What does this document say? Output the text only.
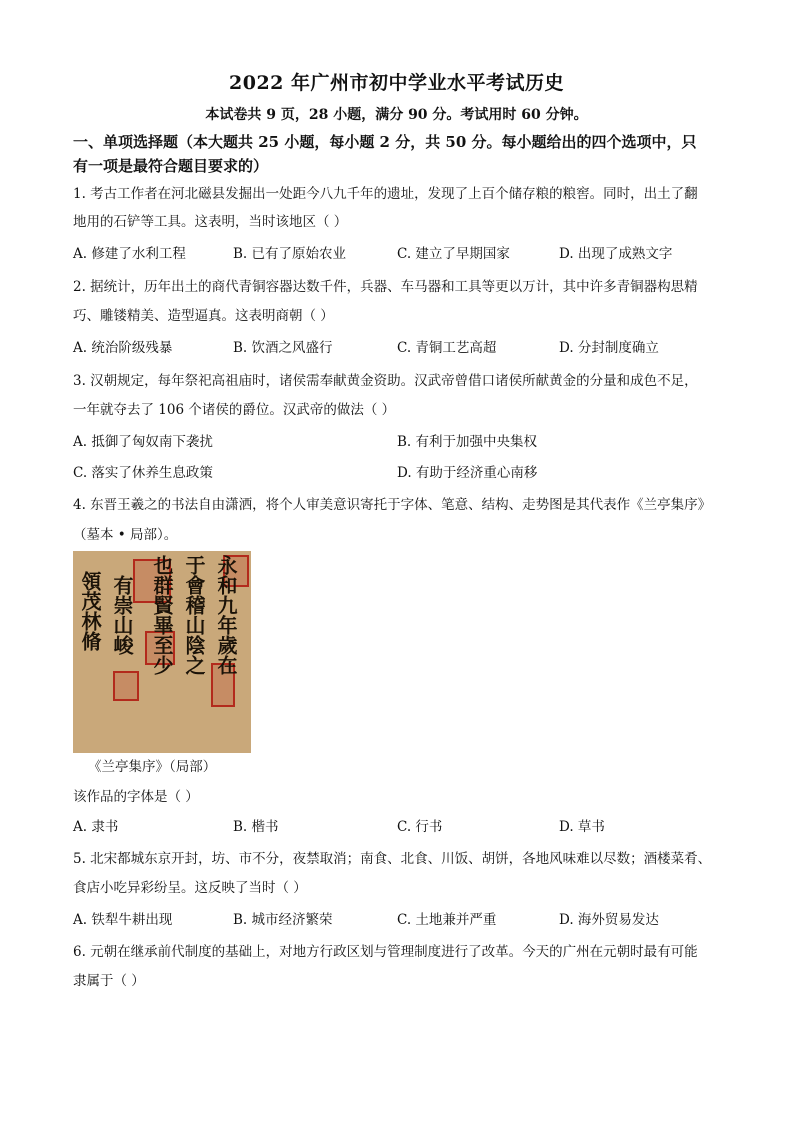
2022 年广州市初中学业水平考试历史
本试卷共 9 页，28 小题，满分 90 分。考试用时 60 分钟。
一、单项选择题（本大题共 25 小题，每小题 2 分，共 50 分。每小题给出的四个选项中，只
有一项是最符合题目要求的）
1. 考古工作者在河北磁县发掘出一处距今八九千年的遗址，发现了上百个储存粮的粮窖。同时，出土了翻
地用的石铲等工具。这表明，当时该地区（ ）
A. 修建了水利工程	B. 已有了原始农业	C. 建立了早期国家	D. 出现了成熟文字
2. 据统计，历年出土的商代青铜容器达数千件，兵器、车马器和工具等更以万计，其中许多青铜器构思精
巧、雕镂精美、造型逼真。这表明商朝（ ）
A. 统治阶级残暴	B. 饮酒之风盛行	C. 青铜工艺高超	D. 分封制度确立
3. 汉朝规定，每年祭祀高祖庙时，诸侯需奉献黄金资助。汉武帝曾借口诸侯所献黄金的分量和成色不足，
一年就夺去了 106 个诸侯的爵位。汉武帝的做法（ ）
A. 抵御了匈奴南下袭扰	B. 有利于加强中央集权
C. 落实了休养生息政策	D. 有助于经济重心南移
4. 东晋王羲之的书法自由潇洒，将个人审美意识寄托于字体、笔意、结构、走势图是其代表作《兰亭集序》
（墓本 • 局部）。
永和九年歲在
于會稽山陰之
也群賢畢至少
有崇山峻
領茂林脩
《兰亭集序》（局部）
该作品的字体是（ ）
A. 隶书	B. 楷书	C. 行书	D. 草书
5. 北宋都城东京开封，坊、市不分，夜禁取消；南食、北食、川饭、胡饼，各地风味难以尽数；酒楼菜肴、
食店小吃异彩纷呈。这反映了当时（ ）
A. 铁犁牛耕出现	B. 城市经济繁荣	C. 土地兼并严重	D. 海外贸易发达
6. 元朝在继承前代制度的基础上，对地方行政区划与管理制度进行了改革。今天的广州在元朝时最有可能
隶属于（ ）
